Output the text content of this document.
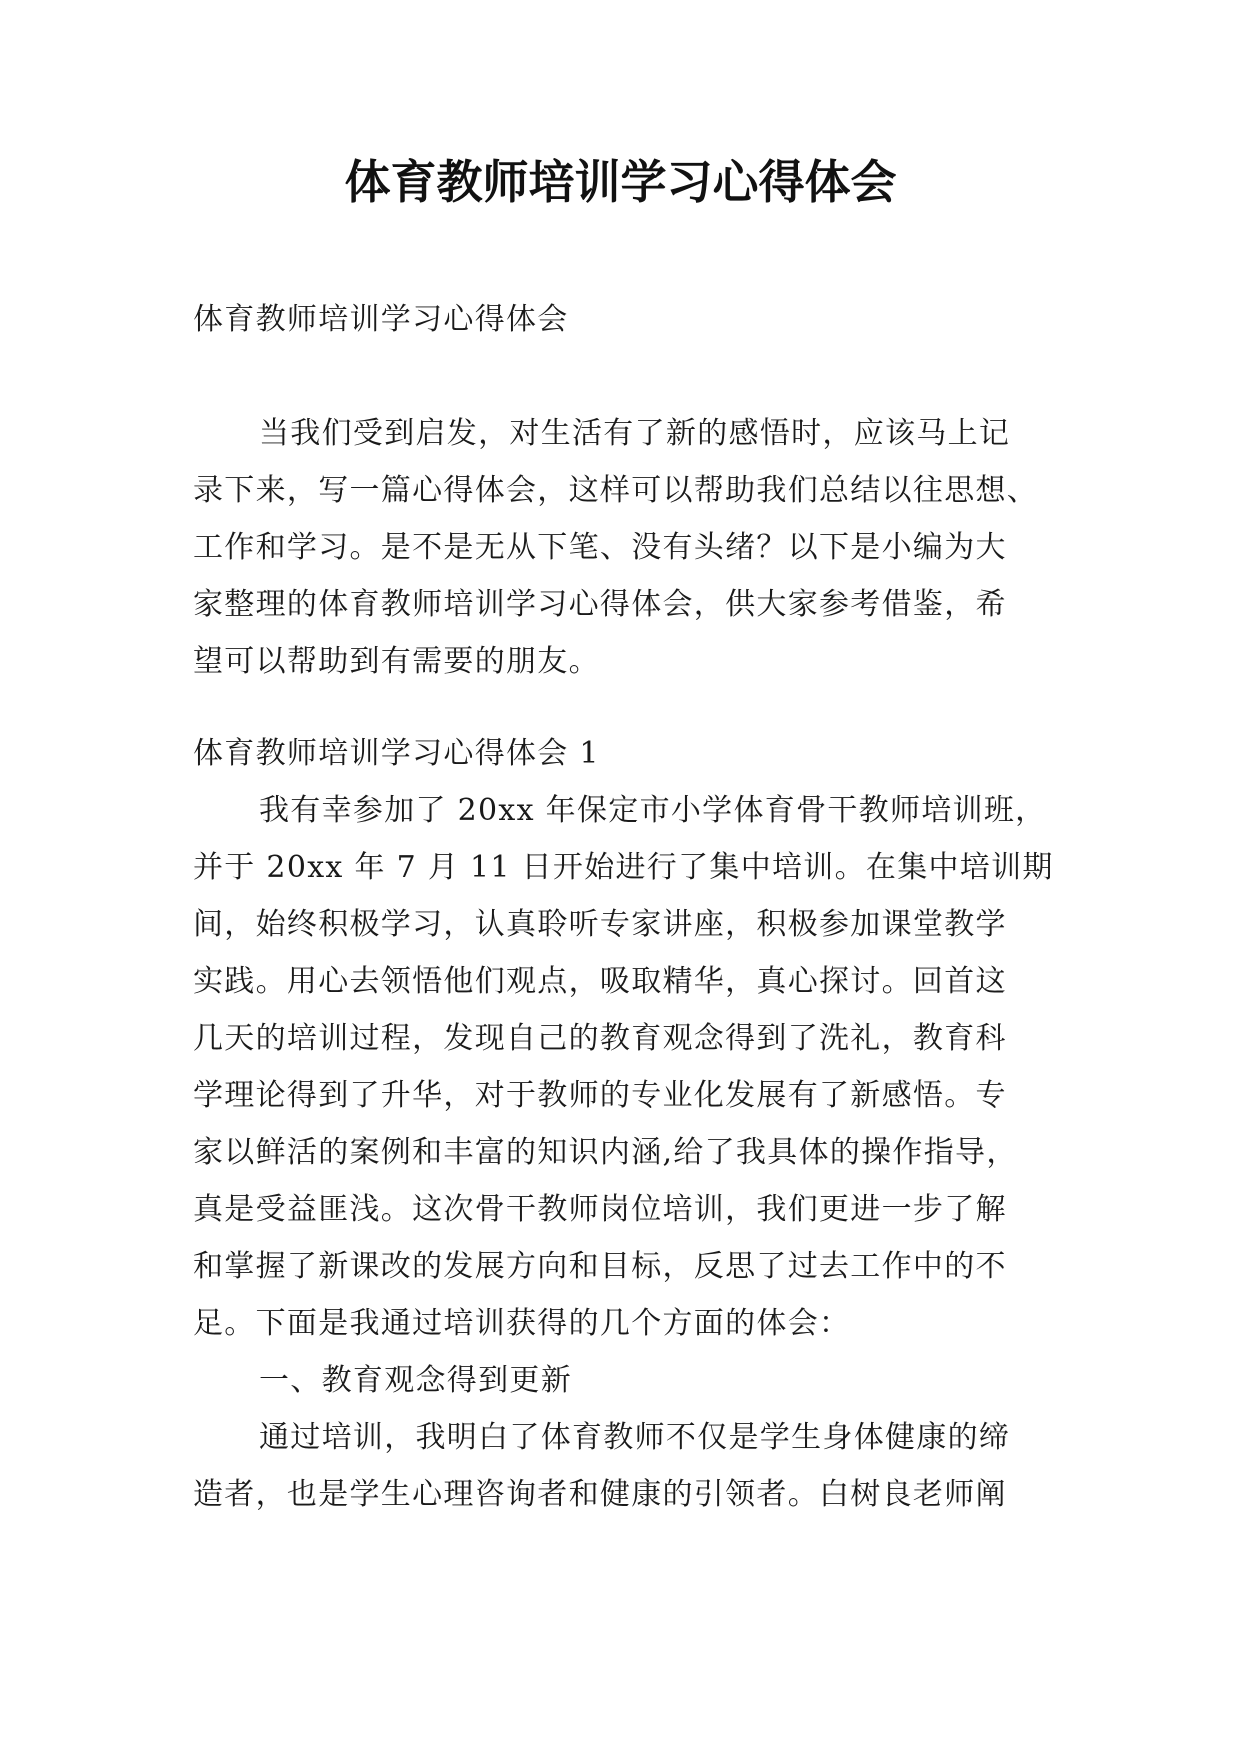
体育教师培训学习心得体会
体育教师培训学习心得体会
当我们受到启发，对生活有了新的感悟时，应该马上记
录下来，写一篇心得体会，这样可以帮助我们总结以往思想、
工作和学习。是不是无从下笔、没有头绪？以下是小编为大
家整理的体育教师培训学习心得体会，供大家参考借鉴，希
望可以帮助到有需要的朋友。
体育教师培训学习心得体会 1
我有幸参加了 20xx 年保定市小学体育骨干教师培训班，
并于 20xx 年 7 月 11 日开始进行了集中培训。在集中培训期
间，始终积极学习，认真聆听专家讲座，积极参加课堂教学
实践。用心去领悟他们观点，吸取精华，真心探讨。回首这
几天的培训过程，发现自己的教育观念得到了洗礼，教育科
学理论得到了升华，对于教师的专业化发展有了新感悟。专
家以鲜活的案例和丰富的知识内涵,给了我具体的操作指导，
真是受益匪浅。这次骨干教师岗位培训，我们更进一步了解
和掌握了新课改的发展方向和目标，反思了过去工作中的不
足。下面是我通过培训获得的几个方面的体会：
一、教育观念得到更新
通过培训，我明白了体育教师不仅是学生身体健康的缔
造者，也是学生心理咨询者和健康的引领者。白树良老师阐
